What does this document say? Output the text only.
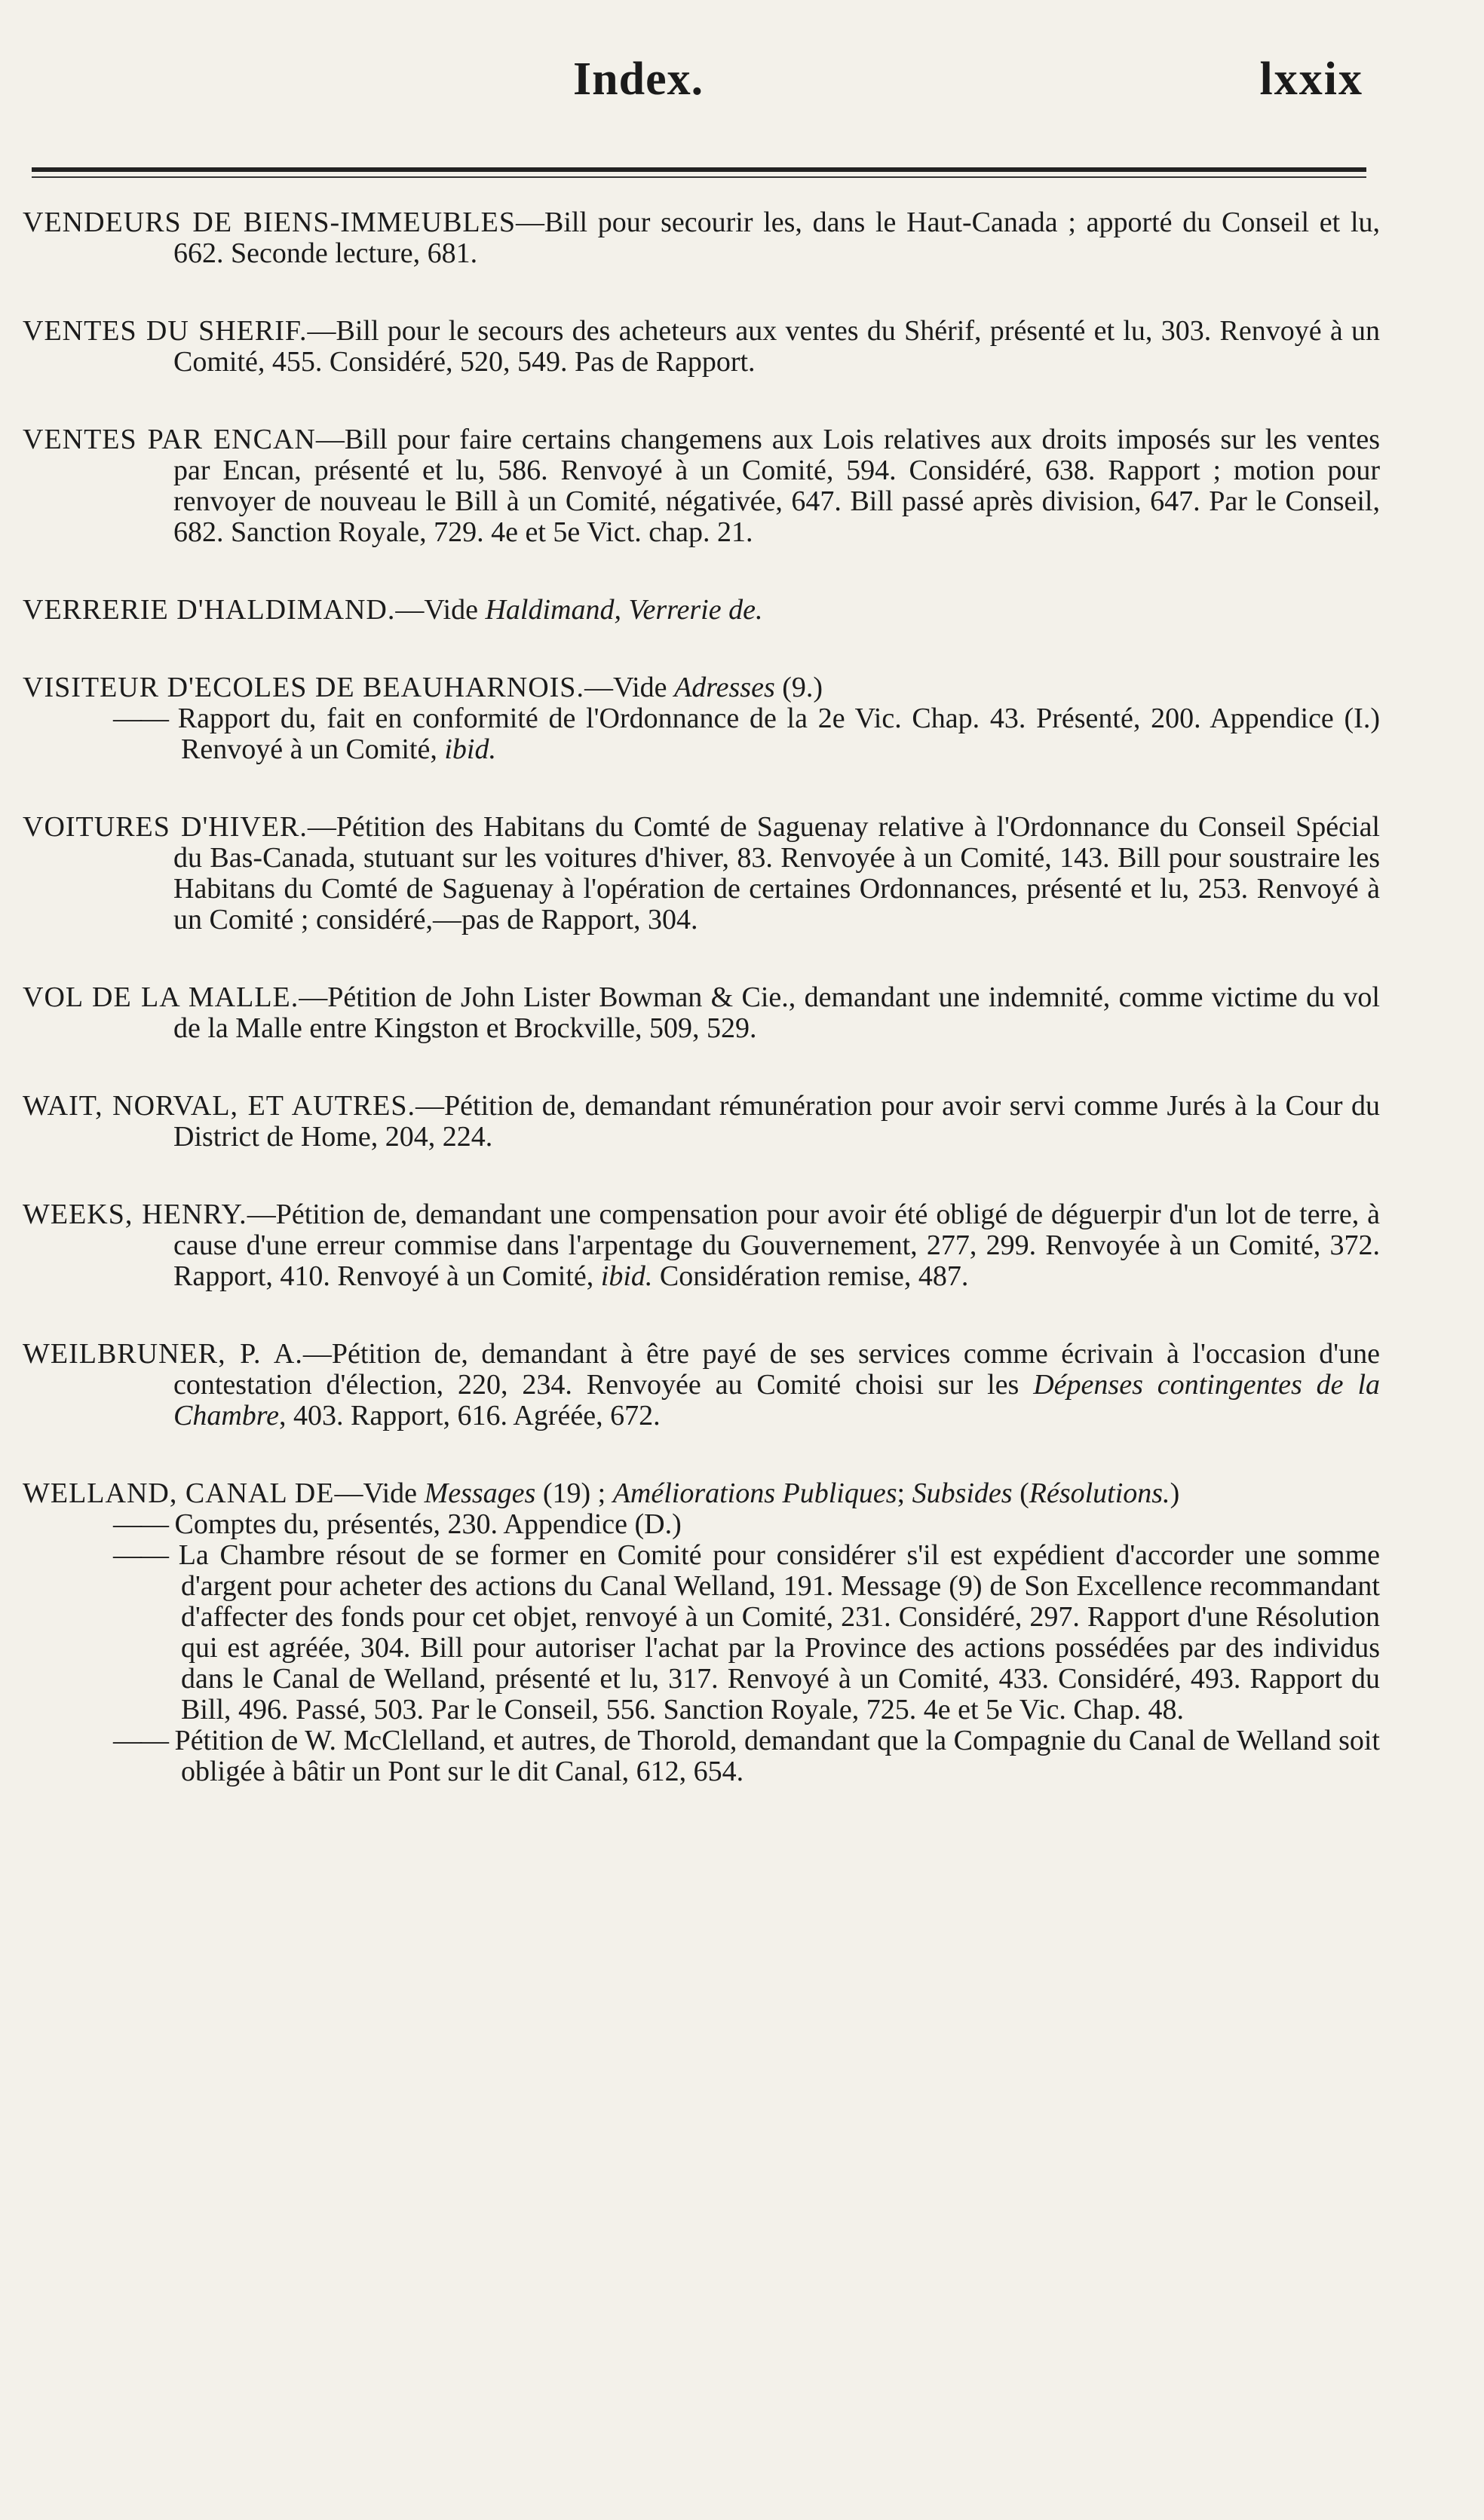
Index.	lxxix

VENDEURS DE BIENS-IMMEUBLES—Bill pour secourir les, dans le Haut-Canada ; apporté du Conseil et lu, 662. Seconde lecture, 681.

VENTES DU SHERIF.—Bill pour le secours des acheteurs aux ventes du Shérif, présenté et lu, 303. Renvoyé à un Comité, 455. Considéré, 520, 549. Pas de Rapport.

VENTES PAR ENCAN—Bill pour faire certains changemens aux Lois relatives aux droits imposés sur les ventes par Encan, présenté et lu, 586. Renvoyé à un Comité, 594. Considéré, 638. Rapport ; motion pour renvoyer de nouveau le Bill à un Comité, négativée, 647. Bill passé après division, 647. Par le Conseil, 682. Sanction Royale, 729. 4e et 5e Vict. chap. 21.

VERRERIE D'HALDIMAND.—Vide Haldimand, Verrerie de.

VISITEUR D'ECOLES DE BEAUHARNOIS.—Vide Adresses (9.)

—— Rapport du, fait en conformité de l'Ordonnance de la 2e Vic. Chap. 43. Présenté, 200. Appendice (I.) Renvoyé à un Comité, ibid.

VOITURES D'HIVER.—Pétition des Habitans du Comté de Saguenay relative à l'Ordonnance du Conseil Spécial du Bas-Canada, stutuant sur les voitures d'hiver, 83. Renvoyée à un Comité, 143. Bill pour soustraire les Habitans du Comté de Saguenay à l'opération de certaines Ordonnances, présenté et lu, 253. Renvoyé à un Comité ; considéré,—pas de Rapport, 304.

VOL DE LA MALLE.—Pétition de John Lister Bowman & Cie., demandant une indemnité, comme victime du vol de la Malle entre Kingston et Brockville, 509, 529.

WAIT, NORVAL, ET AUTRES.—Pétition de, demandant rémunération pour avoir servi comme Jurés à la Cour du District de Home, 204, 224.

WEEKS, HENRY.—Pétition de, demandant une compensation pour avoir été obligé de déguerpir d'un lot de terre, à cause d'une erreur commise dans l'arpentage du Gouvernement, 277, 299. Renvoyée à un Comité, 372. Rapport, 410. Renvoyé à un Comité, ibid. Considération remise, 487.

WEILBRUNER, P. A.—Pétition de, demandant à être payé de ses services comme écrivain à l'occasion d'une contestation d'élection, 220, 234. Renvoyée au Comité choisi sur les Dépenses contingentes de la Chambre, 403. Rapport, 616. Agréée, 672.

WELLAND, CANAL DE—Vide Messages (19) ; Améliorations Publiques; Subsides (Résolutions.)

—— Comptes du, présentés, 230. Appendice (D.)

—— La Chambre résout de se former en Comité pour considérer s'il est expédient d'accorder une somme d'argent pour acheter des actions du Canal Welland, 191. Message (9) de Son Excellence recommandant d'affecter des fonds pour cet objet, renvoyé à un Comité, 231. Considéré, 297. Rapport d'une Résolution qui est agréée, 304. Bill pour autoriser l'achat par la Province des actions possédées par des individus dans le Canal de Welland, présenté et lu, 317. Renvoyé à un Comité, 433. Considéré, 493. Rapport du Bill, 496. Passé, 503. Par le Conseil, 556. Sanction Royale, 725. 4e et 5e Vic. Chap. 48.

—— Pétition de W. McClelland, et autres, de Thorold, demandant que la Compagnie du Canal de Welland soit obligée à bâtir un Pont sur le dit Canal, 612, 654.
